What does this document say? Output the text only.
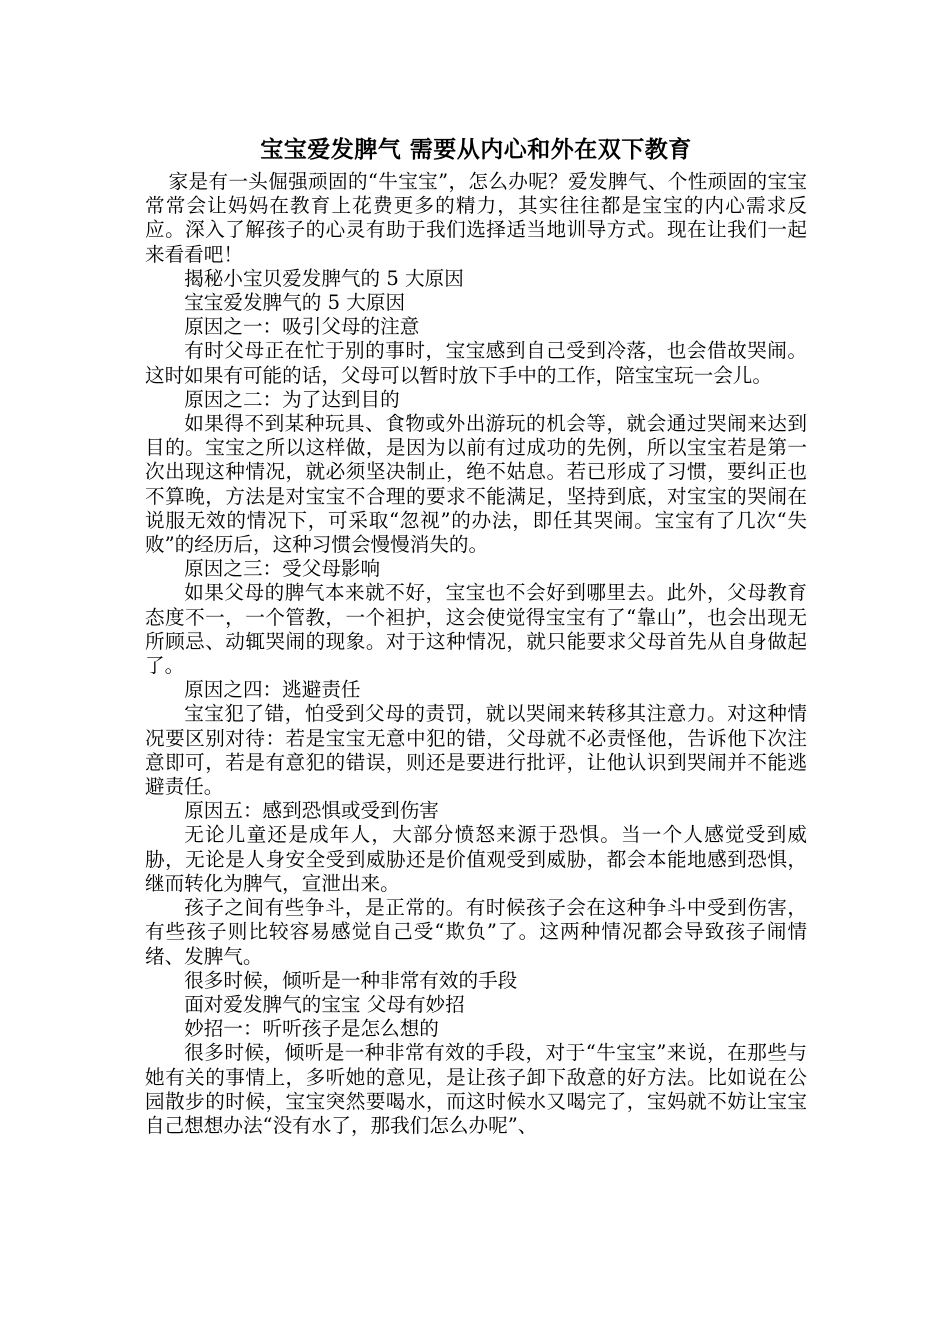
宝宝爱发脾气 需要从内心和外在双下教育

家是有一头倔强顽固的“牛宝宝”，怎么办呢？爱发脾气、个性顽固的宝宝常常会让妈妈在教育上花费更多的精力，其实往往都是宝宝的内心需求反应。深入了解孩子的心灵有助于我们选择适当地训导方式。现在让我们一起来看看吧！

揭秘小宝贝爱发脾气的 5 大原因

宝宝爱发脾气的 5 大原因

原因之一：吸引父母的注意

有时父母正在忙于别的事时，宝宝感到自己受到冷落，也会借故哭闹。这时如果有可能的话，父母可以暂时放下手中的工作，陪宝宝玩一会儿。

原因之二：为了达到目的

如果得不到某种玩具、食物或外出游玩的机会等，就会通过哭闹来达到目的。宝宝之所以这样做，是因为以前有过成功的先例，所以宝宝若是第一次出现这种情况，就必须坚决制止，绝不姑息。若已形成了习惯，要纠正也不算晚，方法是对宝宝不合理的要求不能满足，坚持到底，对宝宝的哭闹在说服无效的情况下，可采取“忽视”的办法，即任其哭闹。宝宝有了几次“失败”的经历后，这种习惯会慢慢消失的。

原因之三：受父母影响

如果父母的脾气本来就不好，宝宝也不会好到哪里去。此外，父母教育态度不一，一个管教，一个袒护，这会使觉得宝宝有了“靠山”，也会出现无所顾忌、动辄哭闹的现象。对于这种情况，就只能要求父母首先从自身做起了。

原因之四：逃避责任

宝宝犯了错，怕受到父母的责罚，就以哭闹来转移其注意力。对这种情况要区别对待：若是宝宝无意中犯的错，父母就不必责怪他，告诉他下次注意即可，若是有意犯的错误，则还是要进行批评，让他认识到哭闹并不能逃避责任。

原因五：感到恐惧或受到伤害

无论儿童还是成年人，大部分愤怒来源于恐惧。当一个人感觉受到威胁，无论是人身安全受到威胁还是价值观受到威胁，都会本能地感到恐惧，继而转化为脾气，宣泄出来。

孩子之间有些争斗，是正常的。有时候孩子会在这种争斗中受到伤害，有些孩子则比较容易感觉自己受“欺负”了。这两种情况都会导致孩子闹情绪、发脾气。

很多时候，倾听是一种非常有效的手段

面对爱发脾气的宝宝 父母有妙招

妙招一：听听孩子是怎么想的

很多时候，倾听是一种非常有效的手段，对于“牛宝宝”来说，在那些与她有关的事情上，多听她的意见，是让孩子卸下敌意的好方法。比如说在公园散步的时候，宝宝突然要喝水，而这时候水又喝完了，宝妈就不妨让宝宝自己想想办法“没有水了，那我们怎么办呢”、
